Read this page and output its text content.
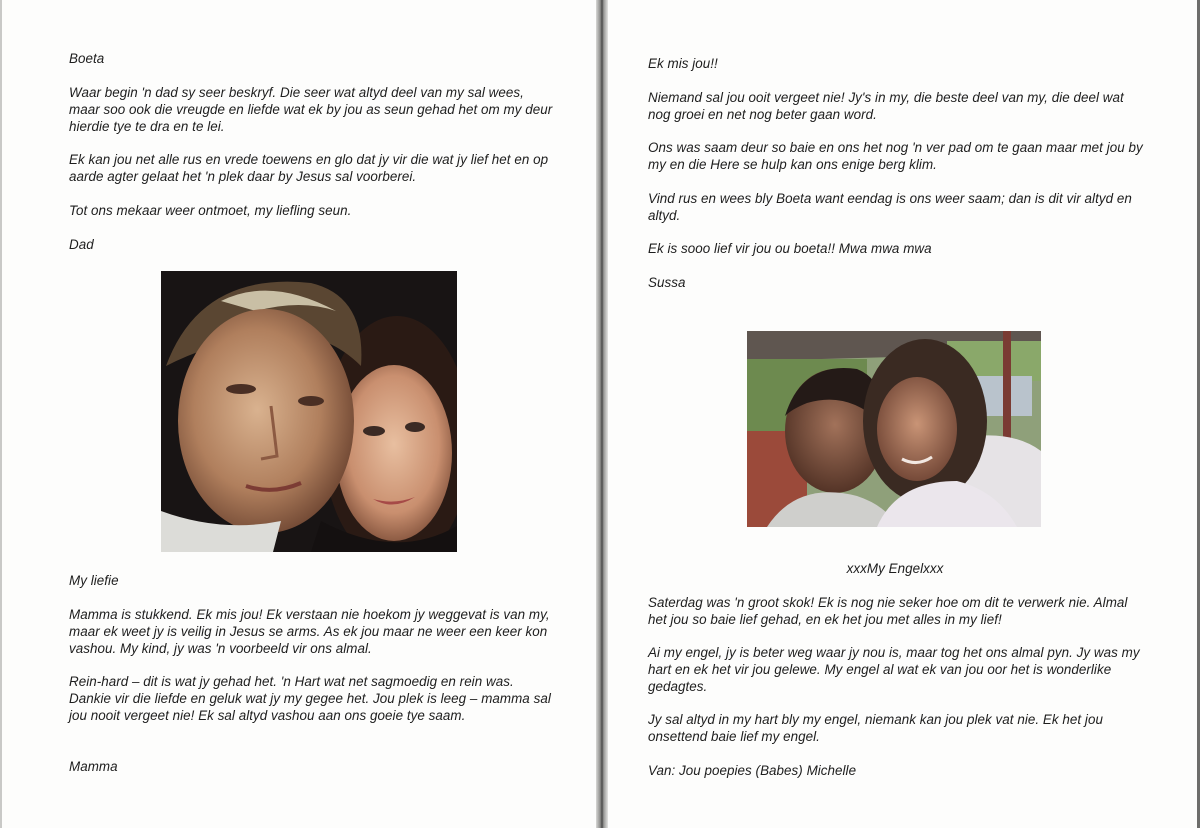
Boeta

Waar begin 'n dad sy seer beskryf. Die seer wat altyd deel van my sal wees, maar soo ook die vreugde en liefde wat ek by jou as seun gehad het om my deur hierdie tye te dra en te lei.

Ek kan jou net alle rus en vrede toewens en glo dat jy vir die wat jy lief het en op aarde agter gelaat het 'n plek daar by Jesus sal voorberei.

Tot ons mekaar weer ontmoet, my liefling seun.

Dad

My liefie

Mamma is stukkend. Ek mis jou! Ek verstaan nie hoekom jy weggevat is van my, maar ek weet jy is veilig in Jesus se arms. As ek jou maar ne weer een keer kon vashou. My kind, jy was 'n voorbeeld vir ons almal.

Rein-hard – dit is wat jy gehad het. 'n Hart wat net sagmoedig en rein was. Dankie vir die liefde en geluk wat jy my gegee het. Jou plek is leeg – mamma sal jou nooit vergeet nie! Ek sal altyd vashou aan ons goeie tye saam.

Mamma

Ek mis jou!!

Niemand sal jou ooit vergeet nie! Jy's in my, die beste deel van my, die deel wat nog groei en net nog beter gaan word.

Ons was saam deur so baie en ons het nog 'n ver pad om te gaan maar met jou by my en die Here se hulp kan ons enige berg klim.

Vind rus en wees bly Boeta want eendag is ons weer saam; dan is dit vir altyd en altyd.

Ek is sooo lief vir jou ou boeta!! Mwa mwa mwa

Sussa

xxxMy Engelxxx

Saterdag was 'n groot skok! Ek is nog nie seker hoe om dit te verwerk nie. Almal het jou so baie lief gehad, en ek het jou met alles in my lief!

Ai my engel, jy is beter weg waar jy nou is, maar tog het ons almal pyn. Jy was my hart en ek het vir jou gelewe. My engel al wat ek van jou oor het is wonderlike gedagtes.

Jy sal altyd in my hart bly my engel, niemank kan jou plek vat nie. Ek het jou onsettend baie lief my engel.

Van: Jou poepies (Babes) Michelle
